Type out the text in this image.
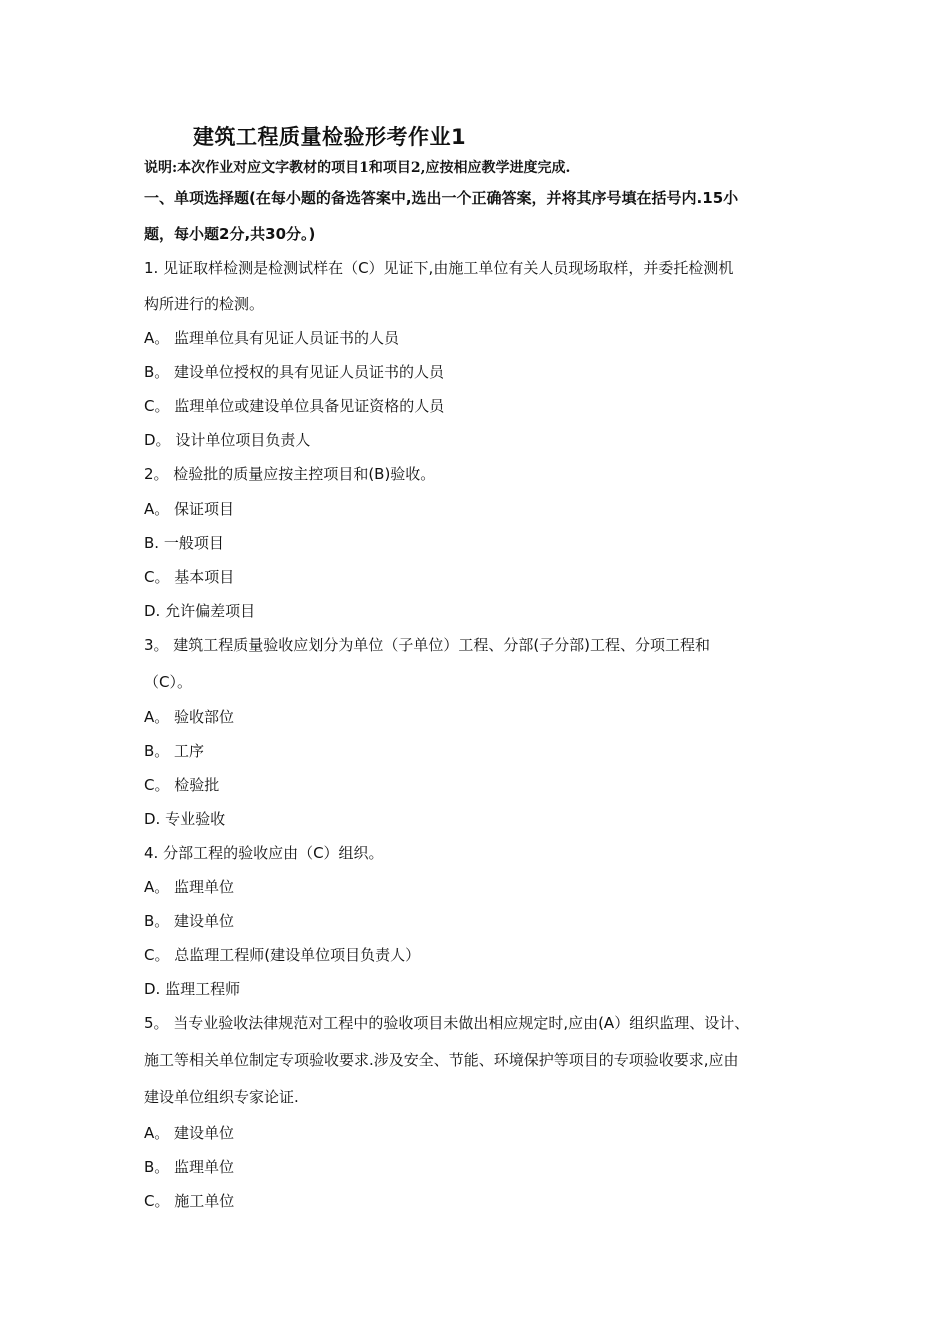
建筑工程质量检验形考作业1
说明:本次作业对应文字教材的项目1和项目2,应按相应教学进度完成.
一、单项选择题(在每小题的备选答案中,选出一个正确答案，并将其序号填在括号内.15小
题，每小题2分,共30分。)
1. 见证取样检测是检测试样在（C）见证下,由施工单位有关人员现场取样，并委托检测机
构所进行的检测。
A。 监理单位具有见证人员证书的人员
B。 建设单位授权的具有见证人员证书的人员
C。 监理单位或建设单位具备见证资格的人员
D。 设计单位项目负责人
2。 检验批的质量应按主控项目和(B)验收。
A。 保证项目
B. 一般项目
C。 基本项目
D. 允许偏差项目
3。 建筑工程质量验收应划分为单位（子单位）工程、分部(子分部)工程、分项工程和
（C）。
A。 验收部位
B。 工序
C。 检验批
D. 专业验收
4. 分部工程的验收应由（C）组织。
A。 监理单位
B。 建设单位
C。 总监理工程师(建设单位项目负责人）
D. 监理工程师
5。 当专业验收法律规范对工程中的验收项目未做出相应规定时,应由(A）组织监理、设计、
施工等相关单位制定专项验收要求.涉及安全、节能、环境保护等项目的专项验收要求,应由
建设单位组织专家论证.
A。 建设单位
B。 监理单位
C。 施工单位
